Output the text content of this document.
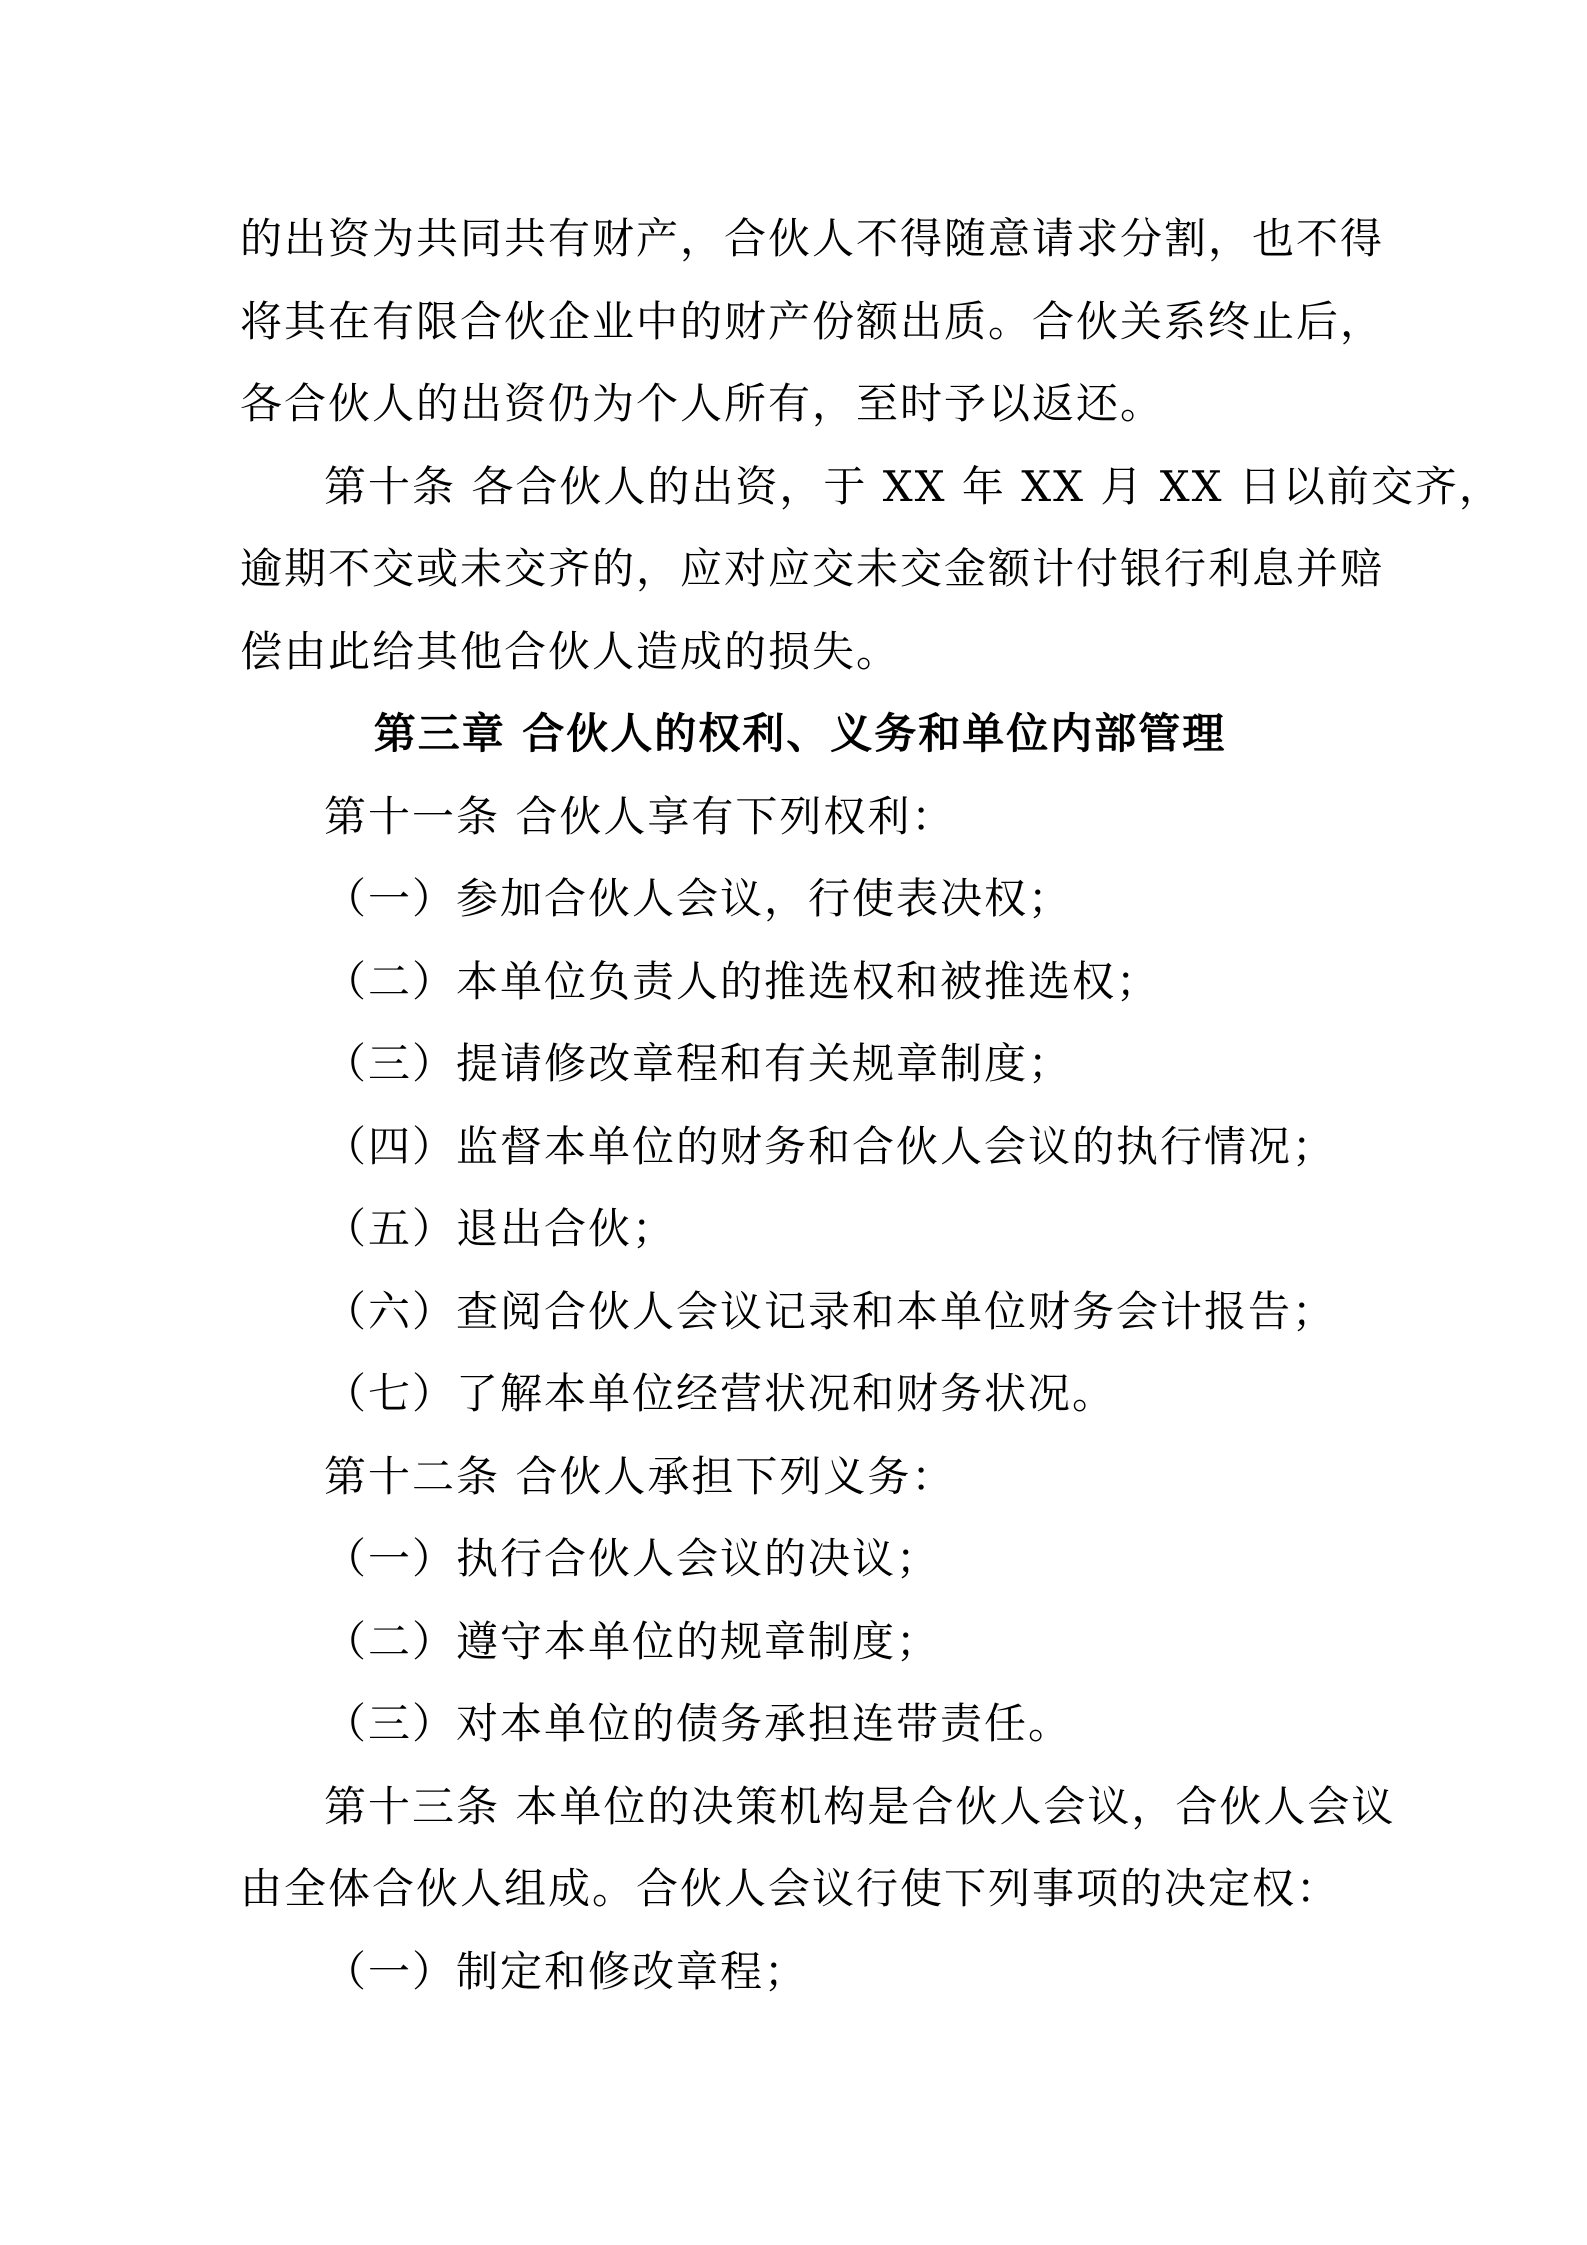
的出资为共同共有财产，合伙人不得随意请求分割，也不得
将其在有限合伙企业中的财产份额出质。合伙关系终止后，
各合伙人的出资仍为个人所有，至时予以返还。
第十条 各合伙人的出资，于 XX 年 XX 月 XX 日以前交齐，
逾期不交或未交齐的，应对应交未交金额计付银行利息并赔
偿由此给其他合伙人造成的损失。
第三章 合伙人的权利、义务和单位内部管理
第十一条 合伙人享有下列权利：
（一）参加合伙人会议，行使表决权；
（二）本单位负责人的推选权和被推选权；
（三）提请修改章程和有关规章制度；
（四）监督本单位的财务和合伙人会议的执行情况；
（五）退出合伙；
（六）查阅合伙人会议记录和本单位财务会计报告；
（七）了解本单位经营状况和财务状况。
第十二条 合伙人承担下列义务：
（一）执行合伙人会议的决议；
（二）遵守本单位的规章制度；
（三）对本单位的债务承担连带责任。
第十三条 本单位的决策机构是合伙人会议，合伙人会议
由全体合伙人组成。合伙人会议行使下列事项的决定权：
（一）制定和修改章程；
